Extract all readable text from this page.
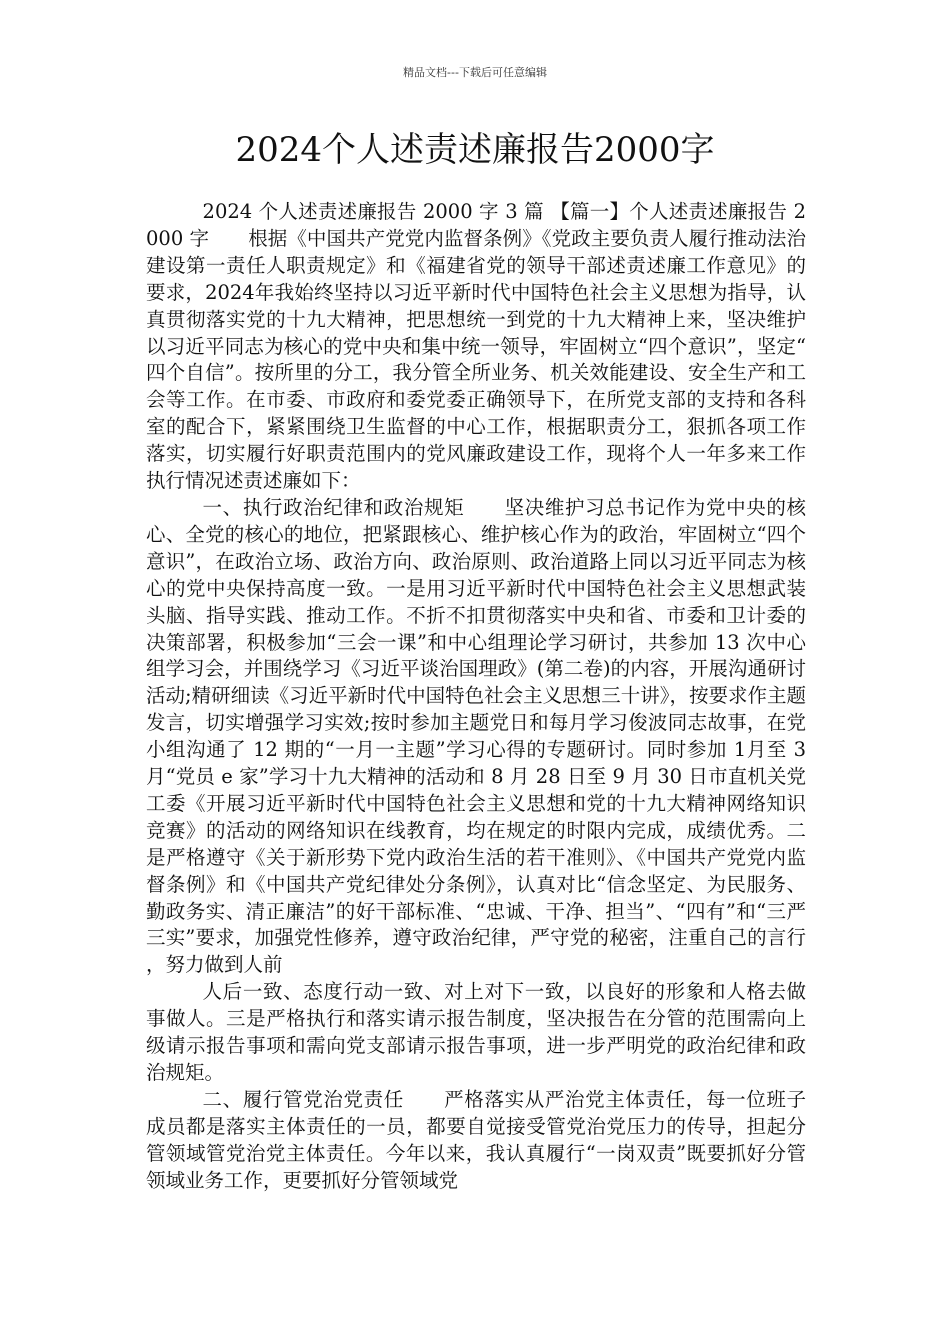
精品文档---下载后可任意编辑
2024个人述责述廉报告2000字

2024 个人述责述廉报告 2000 字 3 篇 【篇一】个人述责述廉报告 2000 字　　根据《中国共产党党内监督条例》《党政主要负责人履行推动法治建设第一责任人职责规定》和《福建省党的领导干部述责述廉工作意见》的要求，2024年我始终坚持以习近平新时代中国特色社会主义思想为指导，认真贯彻落实党的十九大精神，把思想统一到党的十九大精神上来，坚决维护以习近平同志为核心的党中央和集中统一领导，牢固树立“四个意识”，坚定“四个自信”。按所里的分工，我分管全所业务、机关效能建设、安全生产和工会等工作。在市委、市政府和委党委正确领导下，在所党支部的支持和各科室的配合下，紧紧围绕卫生监督的中心工作，根据职责分工，狠抓各项工作落实，切实履行好职责范围内的党风廉政建设工作，现将个人一年多来工作执行情况述责述廉如下：

一、执行政治纪律和政治规矩　　坚决维护习总书记作为党中央的核心、全党的核心的地位，把紧跟核心、维护核心作为的政治，牢固树立“四个意识”，在政治立场、政治方向、政治原则、政治道路上同以习近平同志为核心的党中央保持高度一致。一是用习近平新时代中国特色社会主义思想武装头脑、指导实践、推动工作。不折不扣贯彻落实中央和省、市委和卫计委的决策部署，积极参加“三会一课”和中心组理论学习研讨，共参加 13 次中心组学习会，并围绕学习《习近平谈治国理政》(第二卷)的内容，开展沟通研讨活动;精研细读《习近平新时代中国特色社会主义思想三十讲》，按要求作主题发言，切实增强学习实效;按时参加主题党日和每月学习俊波同志故事，在党小组沟通了 12 期的“一月一主题”学习心得的专题研讨。同时参加 1月至 3 月“党员 e 家”学习十九大精神的活动和 8 月 28 日至 9 月 30 日市直机关党工委《开展习近平新时代中国特色社会主义思想和党的十九大精神网络知识竞赛》的活动的网络知识在线教育，均在规定的时限内完成，成绩优秀。二是严格遵守《关于新形势下党内政治生活的若干准则》、《中国共产党党内监督条例》和《中国共产党纪律处分条例》，认真对比“信念坚定、为民服务、勤政务实、清正廉洁”的好干部标准、“忠诚、干净、担当”、“四有”和“三严三实”要求，加强党性修养，遵守政治纪律，严守党的秘密，注重自己的言行，努力做到人前

人后一致、态度行动一致、对上对下一致，以良好的形象和人格去做事做人。三是严格执行和落实请示报告制度，坚决报告在分管的范围需向上级请示报告事项和需向党支部请示报告事项，进一步严明党的政治纪律和政治规矩。

二、履行管党治党责任　　严格落实从严治党主体责任，每一位班子成员都是落实主体责任的一员，都要自觉接受管党治党压力的传导，担起分管领域管党治党主体责任。今年以来，我认真履行“一岗双责”既要抓好分管领域业务工作，更要抓好分管领域党
